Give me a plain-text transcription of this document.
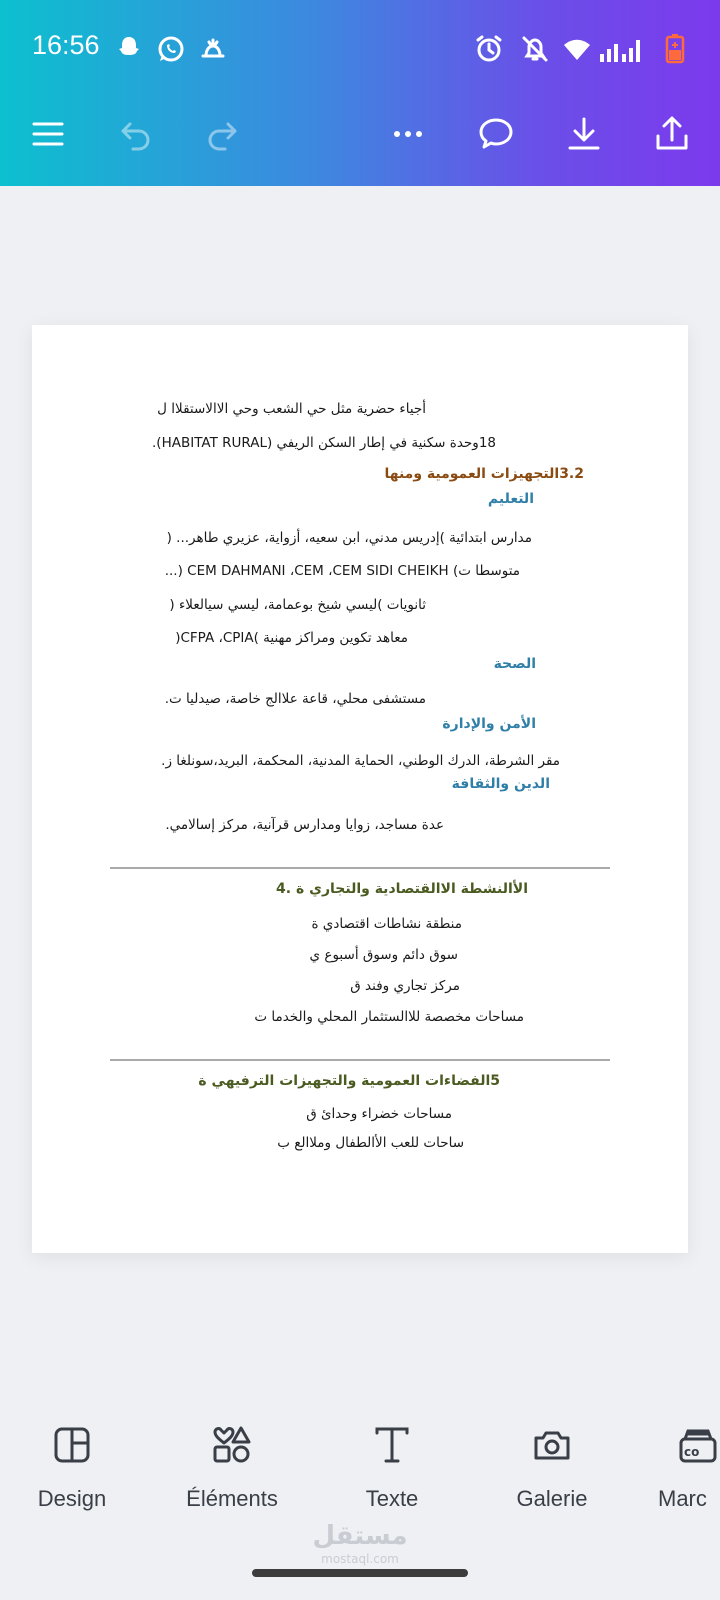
16:56
أجياء حضرية مثل حي الشعب وحي الاالاستقلاا ل
18وحدة سكنية في إطار السكن الريفي (HABITAT RURAL).
3.2التجهيزات العمومية ومنها
التعليم
مدارس ابتدائية )إدريس مدني، ابن سعيه، أزواية، عزيري طاهر... (
متوسطا ت) CEM DAHMANI ،CEM ،CEM SIDI CHEIKH (...
ثانويات )ليسي شيخ بوعمامة، ليسي سيالعلاء (
معاهد تكوين ومراكز مهنية )CFPA ،CPIA(
الصحة
مستشفى محلي، قاعة علاالج خاصة، صيدليا ت.
الأمن والإدارة
مقر الشرطة، الدرك الوطني، الحماية المدنية، المحكمة، البريد،سونلغا ز.
الدين والثقافة
عدة مساجد، زوايا ومدارس قرآنية، مركز إسالامي.
الأالنشطة الاالقتصادية والتجاري ة .4
منطقة نشاطات اقتصادي ة
سوق دائم وسوق أسبوع ي
مركز تجاري وفند ق
مساحات مخصصة للاالستثمار المحلي والخدما ت
5الفضاءات العمومية والتجهيزات الترفيهي ة
مساحات خضراء وحدائ ق
ساحات للعب الأالطفال وملاالع ب
Design	Éléments	Texte	Galerie
co
Marc
مستقل
mostaql.com
